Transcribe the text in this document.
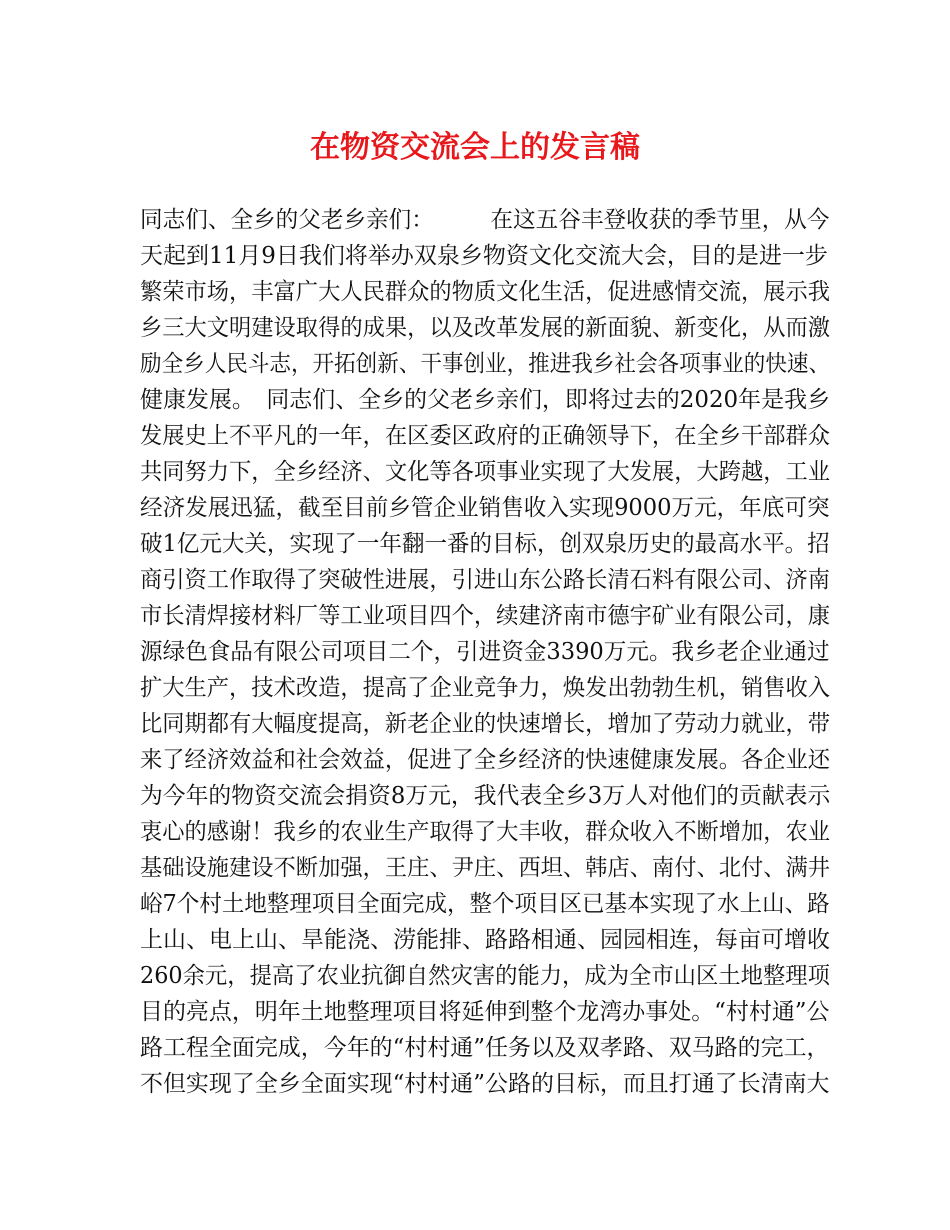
在物资交流会上的发言稿
同志们、全乡的父老乡亲们：　　　在这五谷丰登收获的季节里，从今
天起到11月9日我们将举办双泉乡物资文化交流大会，目的是进一步
繁荣市场，丰富广大人民群众的物质文化生活，促进感情交流，展示我
乡三大文明建设取得的成果，以及改革发展的新面貌、新变化，从而激
励全乡人民斗志，开拓创新、干事创业，推进我乡社会各项事业的快速、
健康发展。　同志们、全乡的父老乡亲们，即将过去的2020年是我乡
发展史上不平凡的一年，在区委区政府的正确领导下，在全乡干部群众
共同努力下，全乡经济、文化等各项事业实现了大发展，大跨越，工业
经济发展迅猛，截至目前乡管企业销售收入实现9000万元，年底可突
破1亿元大关，实现了一年翻一番的目标，创双泉历史的最高水平。招
商引资工作取得了突破性进展，引进山东公路长清石料有限公司、济南
市长清焊接材料厂等工业项目四个，续建济南市德宇矿业有限公司，康
源绿色食品有限公司项目二个，引进资金3390万元。我乡老企业通过
扩大生产，技术改造，提高了企业竞争力，焕发出勃勃生机，销售收入
比同期都有大幅度提高，新老企业的快速增长，增加了劳动力就业，带
来了经济效益和社会效益，促进了全乡经济的快速健康发展。各企业还
为今年的物资交流会捐资8万元，我代表全乡3万人对他们的贡献表示
衷心的感谢！我乡的农业生产取得了大丰收，群众收入不断增加，农业
基础设施建设不断加强，王庄、尹庄、西坦、韩店、南付、北付、满井
峪7个村土地整理项目全面完成，整个项目区已基本实现了水上山、路
上山、电上山、旱能浇、涝能排、路路相通、园园相连，每亩可增收
260余元，提高了农业抗御自然灾害的能力，成为全市山区土地整理项
目的亮点，明年土地整理项目将延伸到整个龙湾办事处。“村村通”公
路工程全面完成，今年的“村村通”任务以及双孝路、双马路的完工，
不但实现了全乡全面实现“村村通”公路的目标，而且打通了长清南大
